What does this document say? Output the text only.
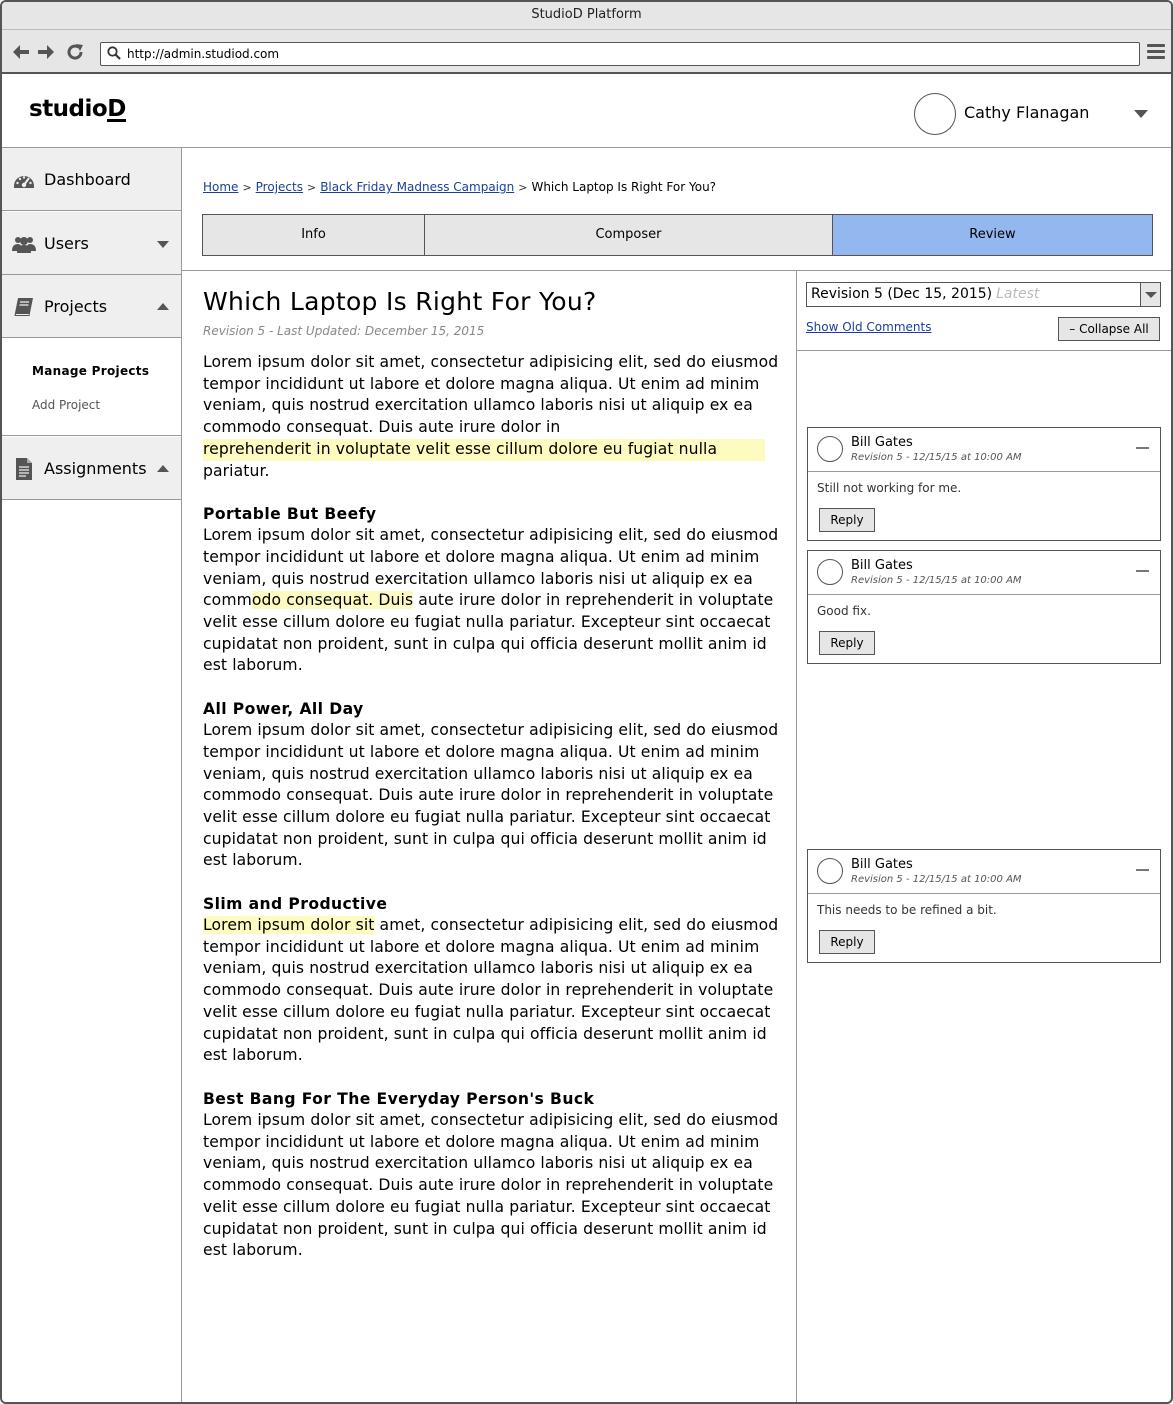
StudioD Platform
http://admin.studiod.com
studioD	Cathy Flanagan
Dashboard
Users
Projects
Manage Projects
Add Project
Assignments
Home > Projects > Black Friday Madness Campaign > Which Laptop Is Right For You?
Info	Composer	Review
Which Laptop Is Right For You?
Revision 5 - Last Updated: December 15, 2015
Lorem ipsum dolor sit amet, consectetur adipisicing elit, sed do eiusmod tempor incididunt ut labore et dolore magna aliqua. Ut enim ad minim veniam, quis nostrud exercitation ullamco laboris nisi ut aliquip ex ea commodo consequat. Duis aute irure dolor in reprehenderit in voluptate velit esse cillum dolore eu fugiat nulla pariatur.
Portable But Beefy
Lorem ipsum dolor sit amet, consectetur adipisicing elit, sed do eiusmod tempor incididunt ut labore et dolore magna aliqua. Ut enim ad minim veniam, quis nostrud exercitation ullamco laboris nisi ut aliquip ex ea commodo consequat. Duis aute irure dolor in reprehenderit in voluptate velit esse cillum dolore eu fugiat nulla pariatur. Excepteur sint occaecat cupidatat non proident, sunt in culpa qui officia deserunt mollit anim id est laborum.
All Power, All Day
Lorem ipsum dolor sit amet, consectetur adipisicing elit, sed do eiusmod tempor incididunt ut labore et dolore magna aliqua. Ut enim ad minim veniam, quis nostrud exercitation ullamco laboris nisi ut aliquip ex ea commodo consequat. Duis aute irure dolor in reprehenderit in voluptate velit esse cillum dolore eu fugiat nulla pariatur. Excepteur sint occaecat cupidatat non proident, sunt in culpa qui officia deserunt mollit anim id est laborum.
Slim and Productive
Lorem ipsum dolor sit amet, consectetur adipisicing elit, sed do eiusmod tempor incididunt ut labore et dolore magna aliqua. Ut enim ad minim veniam, quis nostrud exercitation ullamco laboris nisi ut aliquip ex ea commodo consequat. Duis aute irure dolor in reprehenderit in voluptate velit esse cillum dolore eu fugiat nulla pariatur. Excepteur sint occaecat cupidatat non proident, sunt in culpa qui officia deserunt mollit anim id est laborum.
Best Bang For The Everyday Person's Buck
Lorem ipsum dolor sit amet, consectetur adipisicing elit, sed do eiusmod tempor incididunt ut labore et dolore magna aliqua. Ut enim ad minim veniam, quis nostrud exercitation ullamco laboris nisi ut aliquip ex ea commodo consequat. Duis aute irure dolor in reprehenderit in voluptate velit esse cillum dolore eu fugiat nulla pariatur. Excepteur sint occaecat cupidatat non proident, sunt in culpa qui officia deserunt mollit anim id est laborum.
Revision 5 (Dec 15, 2015) Latest
Show Old Comments	– Collapse All
Bill Gates
Revision 5 - 12/15/15 at 10:00 AM
Still not working for me.
Reply
Bill Gates
Revision 5 - 12/15/15 at 10:00 AM
Good fix.
Reply
Bill Gates
Revision 5 - 12/15/15 at 10:00 AM
This needs to be refined a bit.
Reply
